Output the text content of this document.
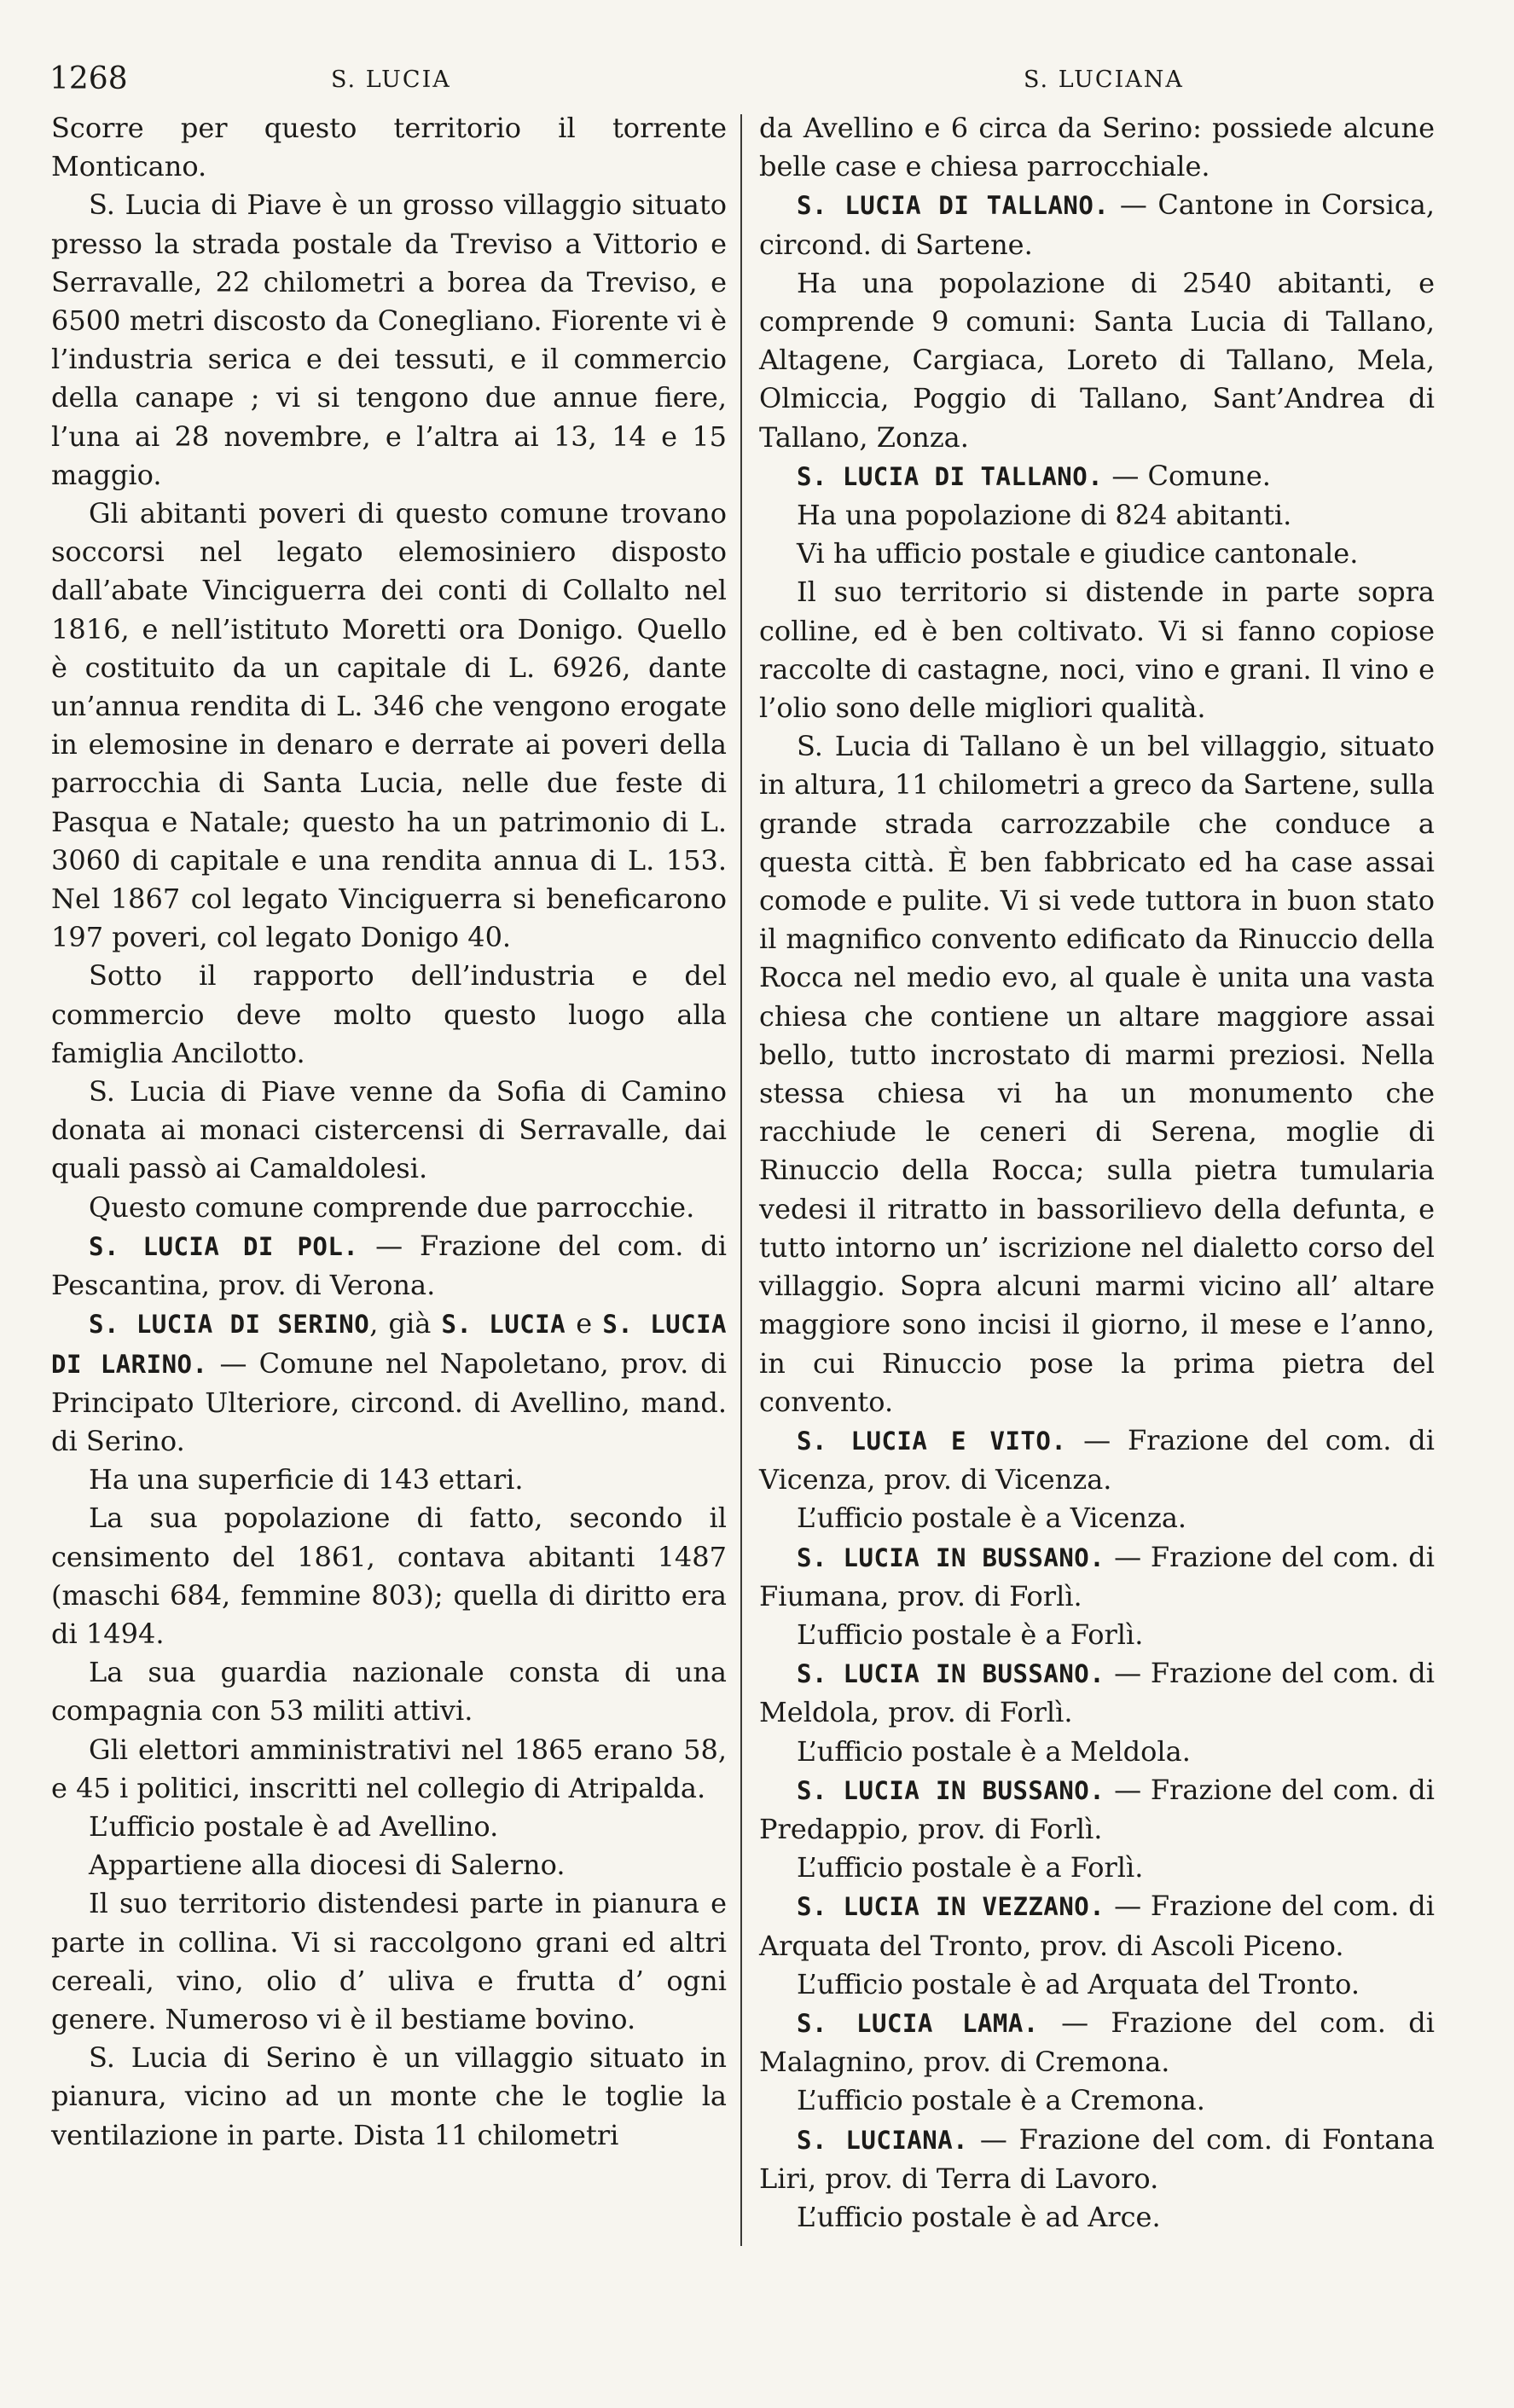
1268	S. LUCIA	S. LUCIANA

Scorre per questo territorio il torrente Monticano.

S. Lucia di Piave è un grosso villaggio situato presso la strada postale da Treviso a Vittorio e Serravalle, 22 chilometri a borea da Treviso, e 6500 metri discosto da Conegliano. Fiorente vi è l’industria serica e dei tessuti, e il commercio della canape ; vi si tengono due annue fiere, l’una ai 28 novembre, e l’altra ai 13, 14 e 15 maggio.

Gli abitanti poveri di questo comune trovano soccorsi nel legato elemosiniero disposto dall’abate Vinciguerra dei conti di Collalto nel 1816, e nell’istituto Moretti ora Donigo. Quello è costituito da un capitale di L. 6926, dante un’annua rendita di L. 346 che vengono erogate in elemosine in denaro e derrate ai poveri della parrocchia di Santa Lucia, nelle due feste di Pasqua e Natale; questo ha un patrimonio di L. 3060 di capitale e una rendita annua di L. 153. Nel 1867 col legato Vinciguerra si beneficarono 197 poveri, col legato Donigo 40.

Sotto il rapporto dell’industria e del commercio deve molto questo luogo alla famiglia Ancilotto.

S. Lucia di Piave venne da Sofia di Camino donata ai monaci cistercensi di Serravalle, dai quali passò ai Camaldolesi.

Questo comune comprende due parrocchie.

S. LUCIA DI POL. — Frazione del com. di Pescantina, prov. di Verona.

S. LUCIA DI SERINO, già S. LUCIA e S. LUCIA DI LARINO. — Comune nel Napoletano, prov. di Principato Ulteriore, circond. di Avellino, mand. di Serino.

Ha una superficie di 143 ettari.

La sua popolazione di fatto, secondo il censimento del 1861, contava abitanti 1487 (maschi 684, femmine 803); quella di diritto era di 1494.

La sua guardia nazionale consta di una compagnia con 53 militi attivi.

Gli elettori amministrativi nel 1865 erano 58, e 45 i politici, inscritti nel collegio di Atripalda.

L’ufficio postale è ad Avellino.

Appartiene alla diocesi di Salerno.

Il suo territorio distendesi parte in pianura e parte in collina. Vi si raccolgono grani ed altri cereali, vino, olio d’ uliva e frutta d’ ogni genere. Numeroso vi è il bestiame bovino.

S. Lucia di Serino è un villaggio situato in pianura, vicino ad un monte che le toglie la ventilazione in parte. Dista 11 chilometri

da Avellino e 6 circa da Serino: possiede alcune belle case e chiesa parrocchiale.

S. LUCIA DI TALLANO. — Cantone in Corsica, circond. di Sartene.

Ha una popolazione di 2540 abitanti, e comprende 9 comuni: Santa Lucia di Tallano, Altagene, Cargiaca, Loreto di Tallano, Mela, Olmiccia, Poggio di Tallano, Sant’Andrea di Tallano, Zonza.

S. LUCIA DI TALLANO. — Comune.

Ha una popolazione di 824 abitanti.

Vi ha ufficio postale e giudice cantonale.

Il suo territorio si distende in parte sopra colline, ed è ben coltivato. Vi si fanno copiose raccolte di castagne, noci, vino e grani. Il vino e l’olio sono delle migliori qualità.

S. Lucia di Tallano è un bel villaggio, situato in altura, 11 chilometri a greco da Sartene, sulla grande strada carrozzabile che conduce a questa città. È ben fabbricato ed ha case assai comode e pulite. Vi si vede tuttora in buon stato il magnifico convento edificato da Rinuccio della Rocca nel medio evo, al quale è unita una vasta chiesa che contiene un altare maggiore assai bello, tutto incrostato di marmi preziosi. Nella stessa chiesa vi ha un monumento che racchiude le ceneri di Serena, moglie di Rinuccio della Rocca; sulla pietra tumularia vedesi il ritratto in bassorilievo della defunta, e tutto intorno un’ iscrizione nel dialetto corso del villaggio. Sopra alcuni marmi vicino all’ altare maggiore sono incisi il giorno, il mese e l’anno, in cui Rinuccio pose la prima pietra del convento.

S. LUCIA E VITO. — Frazione del com. di Vicenza, prov. di Vicenza.

L’ufficio postale è a Vicenza.

S. LUCIA IN BUSSANO. — Frazione del com. di Fiumana, prov. di Forlì.

L’ufficio postale è a Forlì.

S. LUCIA IN BUSSANO. — Frazione del com. di Meldola, prov. di Forlì.

L’ufficio postale è a Meldola.

S. LUCIA IN BUSSANO. — Frazione del com. di Predappio, prov. di Forlì.

L’ufficio postale è a Forlì.

S. LUCIA IN VEZZANO. — Frazione del com. di Arquata del Tronto, prov. di Ascoli Piceno.

L’ufficio postale è ad Arquata del Tronto.

S. LUCIA LAMA. — Frazione del com. di Malagnino, prov. di Cremona.

L’ufficio postale è a Cremona.

S. LUCIANA. — Frazione del com. di Fontana Liri, prov. di Terra di Lavoro.

L’ufficio postale è ad Arce.
